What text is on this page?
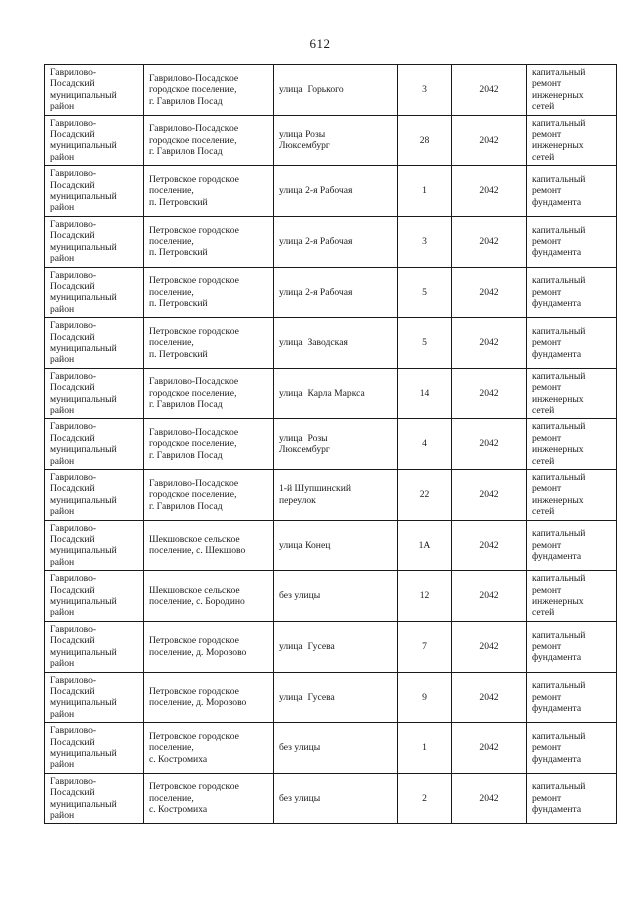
612
Гаврилово-
Посадский
муниципальный
район	Гаврилово-Посадское
городское поселение,
г. Гаврилов Посад	улица  Горького	3	2042	капитальный
ремонт
инженерных
сетей
Гаврилово-
Посадский
муниципальный
район	Гаврилово-Посадское
городское поселение,
г. Гаврилов Посад	улица Розы
Люксембург	28	2042	капитальный
ремонт
инженерных
сетей
Гаврилово-
Посадский
муниципальный
район	Петровское городское
поселение,
п. Петровский	улица 2-я Рабочая	1	2042	капитальный
ремонт
фундамента
Гаврилово-
Посадский
муниципальный
район	Петровское городское
поселение,
п. Петровский	улица 2-я Рабочая	3	2042	капитальный
ремонт
фундамента
Гаврилово-
Посадский
муниципальный
район	Петровское городское
поселение,
п. Петровский	улица 2-я Рабочая	5	2042	капитальный
ремонт
фундамента
Гаврилово-
Посадский
муниципальный
район	Петровское городское
поселение,
п. Петровский	улица  Заводская	5	2042	капитальный
ремонт
фундамента
Гаврилово-
Посадский
муниципальный
район	Гаврилово-Посадское
городское поселение,
г. Гаврилов Посад	улица  Карла Маркса	14	2042	капитальный
ремонт
инженерных
сетей
Гаврилово-
Посадский
муниципальный
район	Гаврилово-Посадское
городское поселение,
г. Гаврилов Посад	улица  Розы
Люксембург	4	2042	капитальный
ремонт
инженерных
сетей
Гаврилово-
Посадский
муниципальный
район	Гаврилово-Посадское
городское поселение,
г. Гаврилов Посад	1-й Шупшинский
переулок	22	2042	капитальный
ремонт
инженерных
сетей
Гаврилово-
Посадский
муниципальный
район	Шекшовское сельское
поселение, с. Шекшово	улица Конец	1А	2042	капитальный
ремонт
фундамента
Гаврилово-
Посадский
муниципальный
район	Шекшовское сельское
поселение, с. Бородино	без улицы	12	2042	капитальный
ремонт
инженерных
сетей
Гаврилово-
Посадский
муниципальный
район	Петровское городское
поселение, д. Морозово	улица  Гусева	7	2042	капитальный
ремонт
фундамента
Гаврилово-
Посадский
муниципальный
район	Петровское городское
поселение, д. Морозово	улица  Гусева	9	2042	капитальный
ремонт
фундамента
Гаврилово-
Посадский
муниципальный
район	Петровское городское
поселение,
с. Костромиха	без улицы	1	2042	капитальный
ремонт
фундамента
Гаврилово-
Посадский
муниципальный
район	Петровское городское
поселение,
с. Костромиха	без улицы	2	2042	капитальный
ремонт
фундамента
